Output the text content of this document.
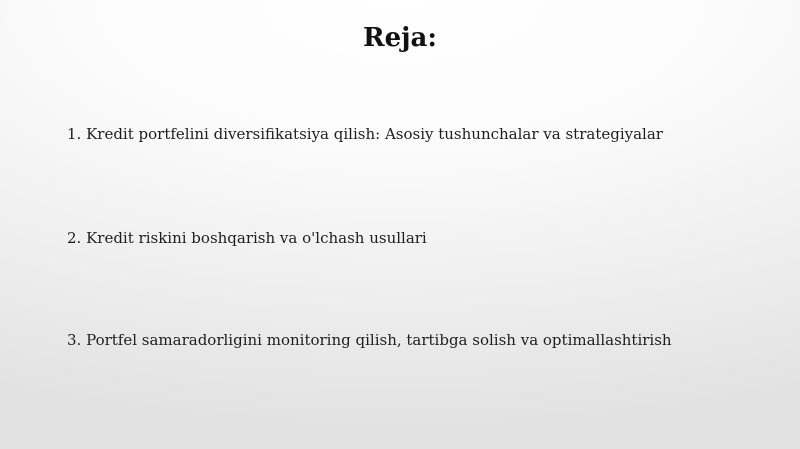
Reja:
1. Kredit portfelini diversifikatsiya qilish: Asosiy tushunchalar va strategiyalar
2. Kredit riskini boshqarish va o'lchash usullari
3. Portfel samaradorligini monitoring qilish, tartibga solish va optimallashtirish
